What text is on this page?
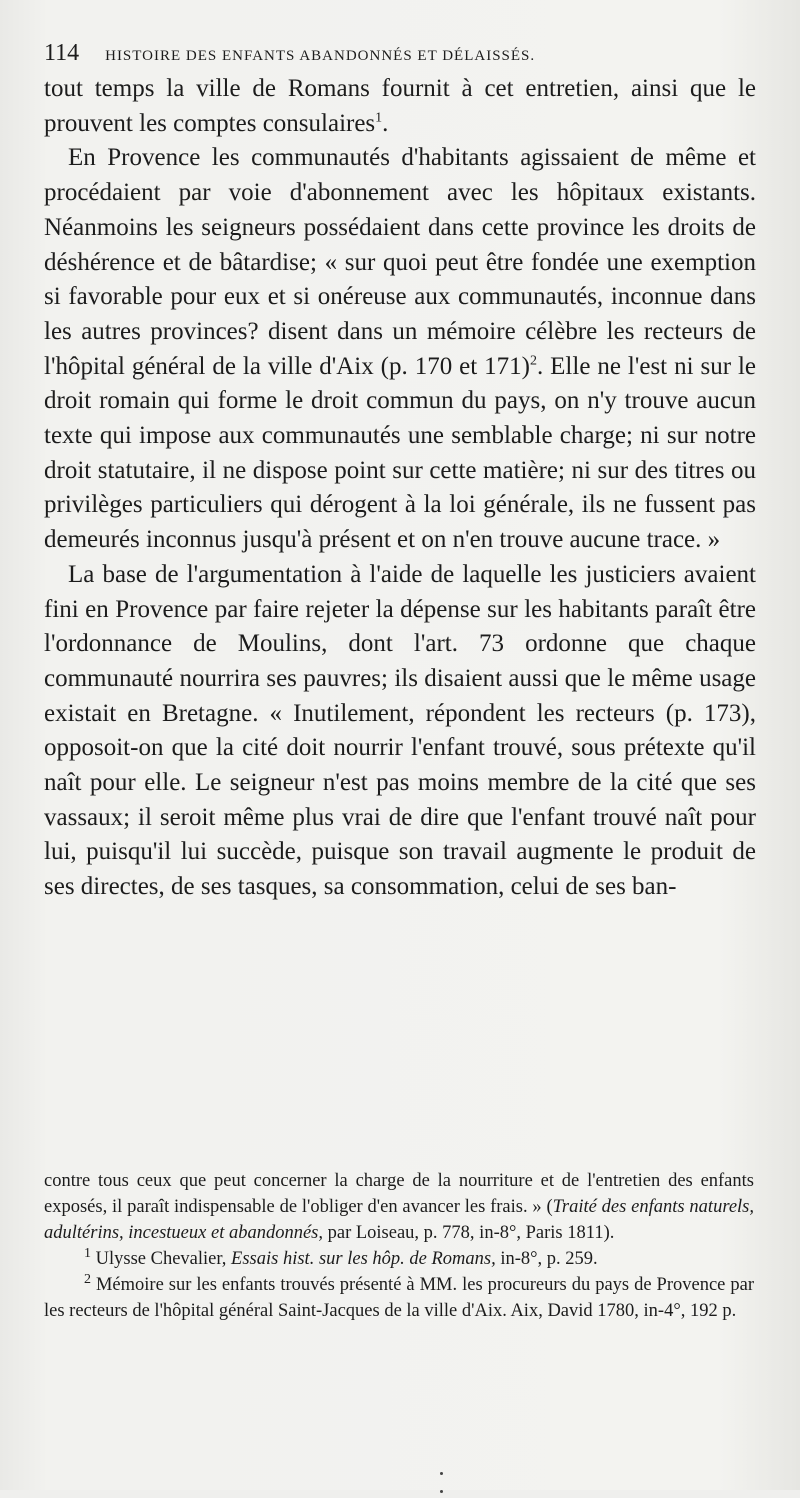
114 HISTOIRE DES ENFANTS ABANDONNÉS ET DÉLAISSÉS.

tout temps la ville de Romans fournit à cet entretien, ainsi que le prouvent les comptes consulaires$^1$.

En Provence les communautés d'habitants agissaient de même et procédaient par voie d'abonnement avec les hôpitaux existants. Néanmoins les seigneurs possédaient dans cette province les droits de déshérence et de bâtardise; « sur quoi peut être fondée une exemption si favorable pour eux et si onéreuse aux communautés, inconnue dans les autres provinces? disent dans un mémoire célèbre les recteurs de l'hôpital général de la ville d'Aix (p. 170 et 171)$^2$. Elle ne l'est ni sur le droit romain qui forme le droit commun du pays, on n'y trouve aucun texte qui impose aux communautés une semblable charge; ni sur notre droit statutaire, il ne dispose point sur cette matière; ni sur des titres ou privilèges particuliers qui dérogent à la loi générale, ils ne fussent pas demeurés inconnus jusqu'à présent et on n'en trouve aucune trace. »

La base de l'argumentation à l'aide de laquelle les justiciers avaient fini en Provence par faire rejeter la dépense sur les habitants paraît être l'ordonnance de Moulins, dont l'art. 73 ordonne que chaque communauté nourrira ses pauvres; ils disaient aussi que le même usage existait en Bretagne. « Inutilement, répondent les recteurs (p. 173), opposoit-on que la cité doit nourrir l'enfant trouvé, sous prétexte qu'il naît pour elle. Le seigneur n'est pas moins membre de la cité que ses vassaux; il seroit même plus vrai de dire que l'enfant trouvé naît pour lui, puisqu'il lui succède, puisque son travail augmente le produit de ses directes, de ses tasques, sa consommation, celui de ses ban-

contre tous ceux que peut concerner la charge de la nourriture et de l'entretien des enfants exposés, il paraît indispensable de l'obliger d'en avancer les frais. » (Traité des enfants naturels, adultérins, incestueux et abandonnés, par Loiseau, p. 778, in-8°, Paris 1811).

$^1$ Ulysse Chevalier, Essais hist. sur les hôp. de Romans, in-8°, p. 259.

$^2$ Mémoire sur les enfants trouvés présenté à MM. les procureurs du pays de Provence par les recteurs de l'hôpital général Saint-Jacques de la ville d'Aix. Aix, David 1780, in-4°, 192 p.
